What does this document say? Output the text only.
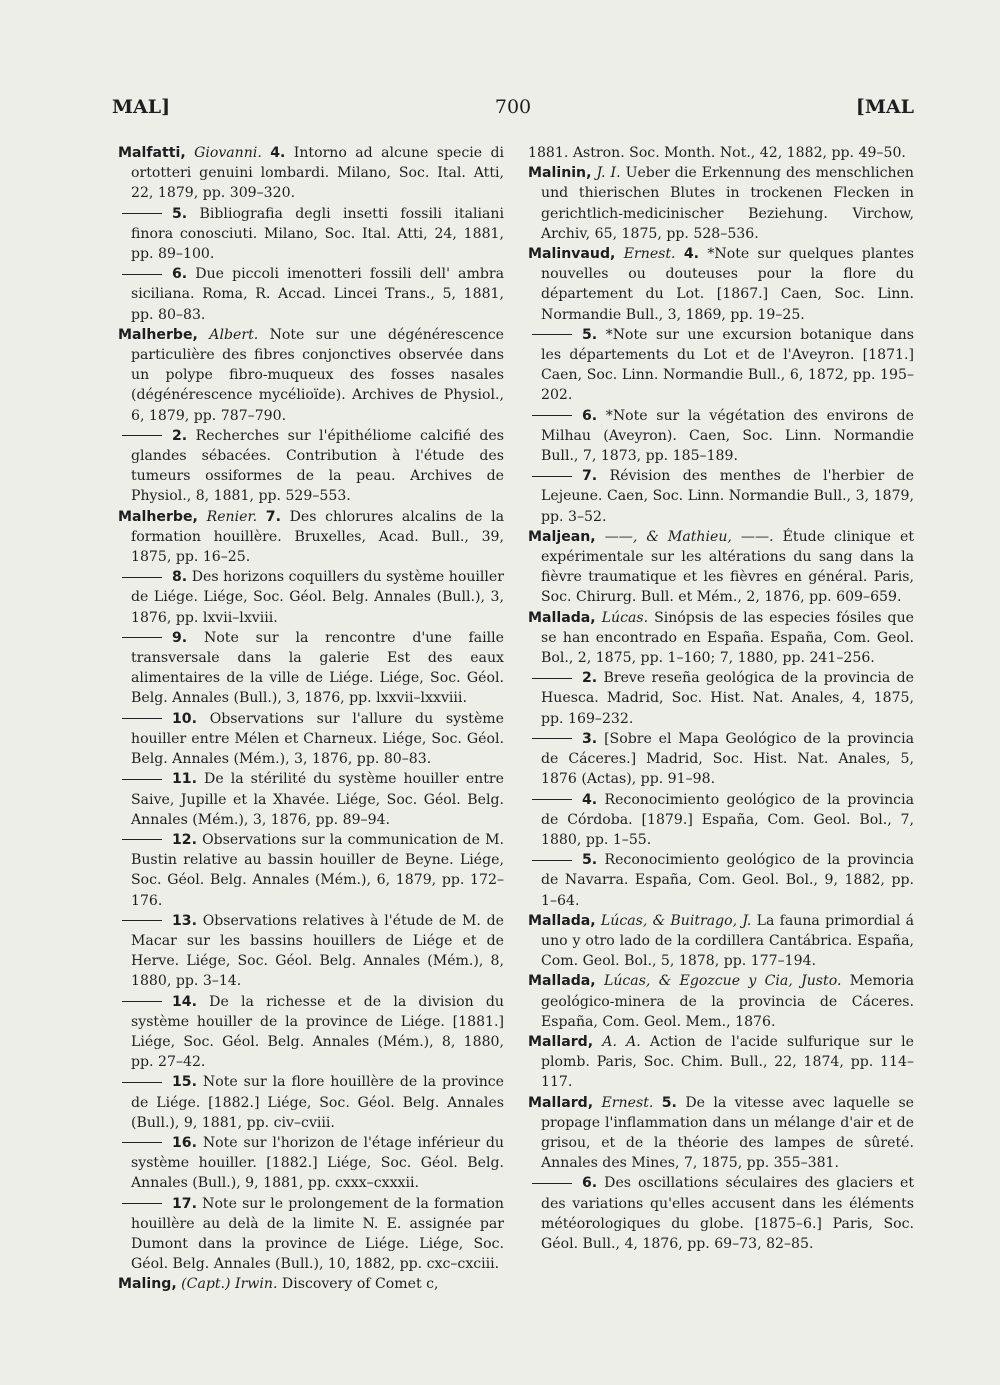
700
MAL]	[MAL

Malfatti, Giovanni. 4. Intorno ad alcune specie di ortotteri genuini lombardi. Milano, Soc. Ital. Atti, 22, 1879, pp. 309–320.

5. Bibliografia degli insetti fossili italiani finora conosciuti. Milano, Soc. Ital. Atti, 24, 1881, pp. 89–100.

6. Due piccoli imenotteri fossili dell' ambra siciliana. Roma, R. Accad. Lincei Trans., 5, 1881, pp. 80–83.

Malherbe, Albert. Note sur une dégénérescence particulière des fibres conjonctives observée dans un polype fibro-muqueux des fosses nasales (dégénérescence mycélioïde). Archives de Physiol., 6, 1879, pp. 787–790.

2. Recherches sur l'épithéliome calcifié des glandes sébacées. Contribution à l'étude des tumeurs ossiformes de la peau. Archives de Physiol., 8, 1881, pp. 529–553.

Malherbe, Renier. 7. Des chlorures alcalins de la formation houillère. Bruxelles, Acad. Bull., 39, 1875, pp. 16–25.

8. Des horizons coquillers du système houiller de Liége. Liége, Soc. Géol. Belg. Annales (Bull.), 3, 1876, pp. lxvii–lxviii.

9. Note sur la rencontre d'une faille transversale dans la galerie Est des eaux alimentaires de la ville de Liége. Liége, Soc. Géol. Belg. Annales (Bull.), 3, 1876, pp. lxxvii–lxxviii.

10. Observations sur l'allure du système houiller entre Mélen et Charneux. Liége, Soc. Géol. Belg. Annales (Mém.), 3, 1876, pp. 80–83.

11. De la stérilité du système houiller entre Saive, Jupille et la Xhavée. Liége, Soc. Géol. Belg. Annales (Mém.), 3, 1876, pp. 89–94.

12. Observations sur la communication de M. Bustin relative au bassin houiller de Beyne. Liége, Soc. Géol. Belg. Annales (Mém.), 6, 1879, pp. 172–176.

13. Observations relatives à l'étude de M. de Macar sur les bassins houillers de Liége et de Herve. Liége, Soc. Géol. Belg. Annales (Mém.), 8, 1880, pp. 3–14.

14. De la richesse et de la division du système houiller de la province de Liége. [1881.] Liége, Soc. Géol. Belg. Annales (Mém.), 8, 1880, pp. 27–42.

15. Note sur la flore houillère de la province de Liége. [1882.] Liége, Soc. Géol. Belg. Annales (Bull.), 9, 1881, pp. civ–cviii.

16. Note sur l'horizon de l'étage inférieur du système houiller. [1882.] Liége, Soc. Géol. Belg. Annales (Bull.), 9, 1881, pp. cxxx–cxxxii.

17. Note sur le prolongement de la formation houillère au delà de la limite N. E. assignée par Dumont dans la province de Liége. Liége, Soc. Géol. Belg. Annales (Bull.), 10, 1882, pp. cxc–cxciii.

Maling, (Capt.) Irwin. Discovery of Comet c,

1881. Astron. Soc. Month. Not., 42, 1882, pp. 49–50.

Malinin, J. I. Ueber die Erkennung des menschlichen und thierischen Blutes in trockenen Flecken in gerichtlich-medicinischer Beziehung. Virchow, Archiv, 65, 1875, pp. 528–536.

Malinvaud, Ernest. 4. *Note sur quelques plantes nouvelles ou douteuses pour la flore du département du Lot. [1867.] Caen, Soc. Linn. Normandie Bull., 3, 1869, pp. 19–25.

5. *Note sur une excursion botanique dans les départements du Lot et de l'Aveyron. [1871.] Caen, Soc. Linn. Normandie Bull., 6, 1872, pp. 195–202.

6. *Note sur la végétation des environs de Milhau (Aveyron). Caen, Soc. Linn. Normandie Bull., 7, 1873, pp. 185–189.

7. Révision des menthes de l'herbier de Lejeune. Caen, Soc. Linn. Normandie Bull., 3, 1879, pp. 3–52.

Maljean, ——, & Mathieu, ——. Étude clinique et expérimentale sur les altérations du sang dans la fièvre traumatique et les fièvres en général. Paris, Soc. Chirurg. Bull. et Mém., 2, 1876, pp. 609–659.

Mallada, Lúcas. Sinópsis de las especies fósiles que se han encontrado en España. España, Com. Geol. Bol., 2, 1875, pp. 1–160; 7, 1880, pp. 241–256.

2. Breve reseña geológica de la provincia de Huesca. Madrid, Soc. Hist. Nat. Anales, 4, 1875, pp. 169–232.

3. [Sobre el Mapa Geológico de la provincia de Cáceres.] Madrid, Soc. Hist. Nat. Anales, 5, 1876 (Actas), pp. 91–98.

4. Reconocimiento geológico de la provincia de Córdoba. [1879.] España, Com. Geol. Bol., 7, 1880, pp. 1–55.

5. Reconocimiento geológico de la provincia de Navarra. España, Com. Geol. Bol., 9, 1882, pp. 1–64.

Mallada, Lúcas, & Buitrago, J. La fauna primordial á uno y otro lado de la cordillera Cantábrica. España, Com. Geol. Bol., 5, 1878, pp. 177–194.

Mallada, Lúcas, & Egozcue y Cia, Justo. Memoria geológico-minera de la provincia de Cáceres. España, Com. Geol. Mem., 1876.

Mallard, A. A. Action de l'acide sulfurique sur le plomb. Paris, Soc. Chim. Bull., 22, 1874, pp. 114–117.

Mallard, Ernest. 5. De la vitesse avec laquelle se propage l'inflammation dans un mélange d'air et de grisou, et de la théorie des lampes de sûreté. Annales des Mines, 7, 1875, pp. 355–381.

6. Des oscillations séculaires des glaciers et des variations qu'elles accusent dans les éléments météorologiques du globe. [1875–6.] Paris, Soc. Géol. Bull., 4, 1876, pp. 69–73, 82–85.
